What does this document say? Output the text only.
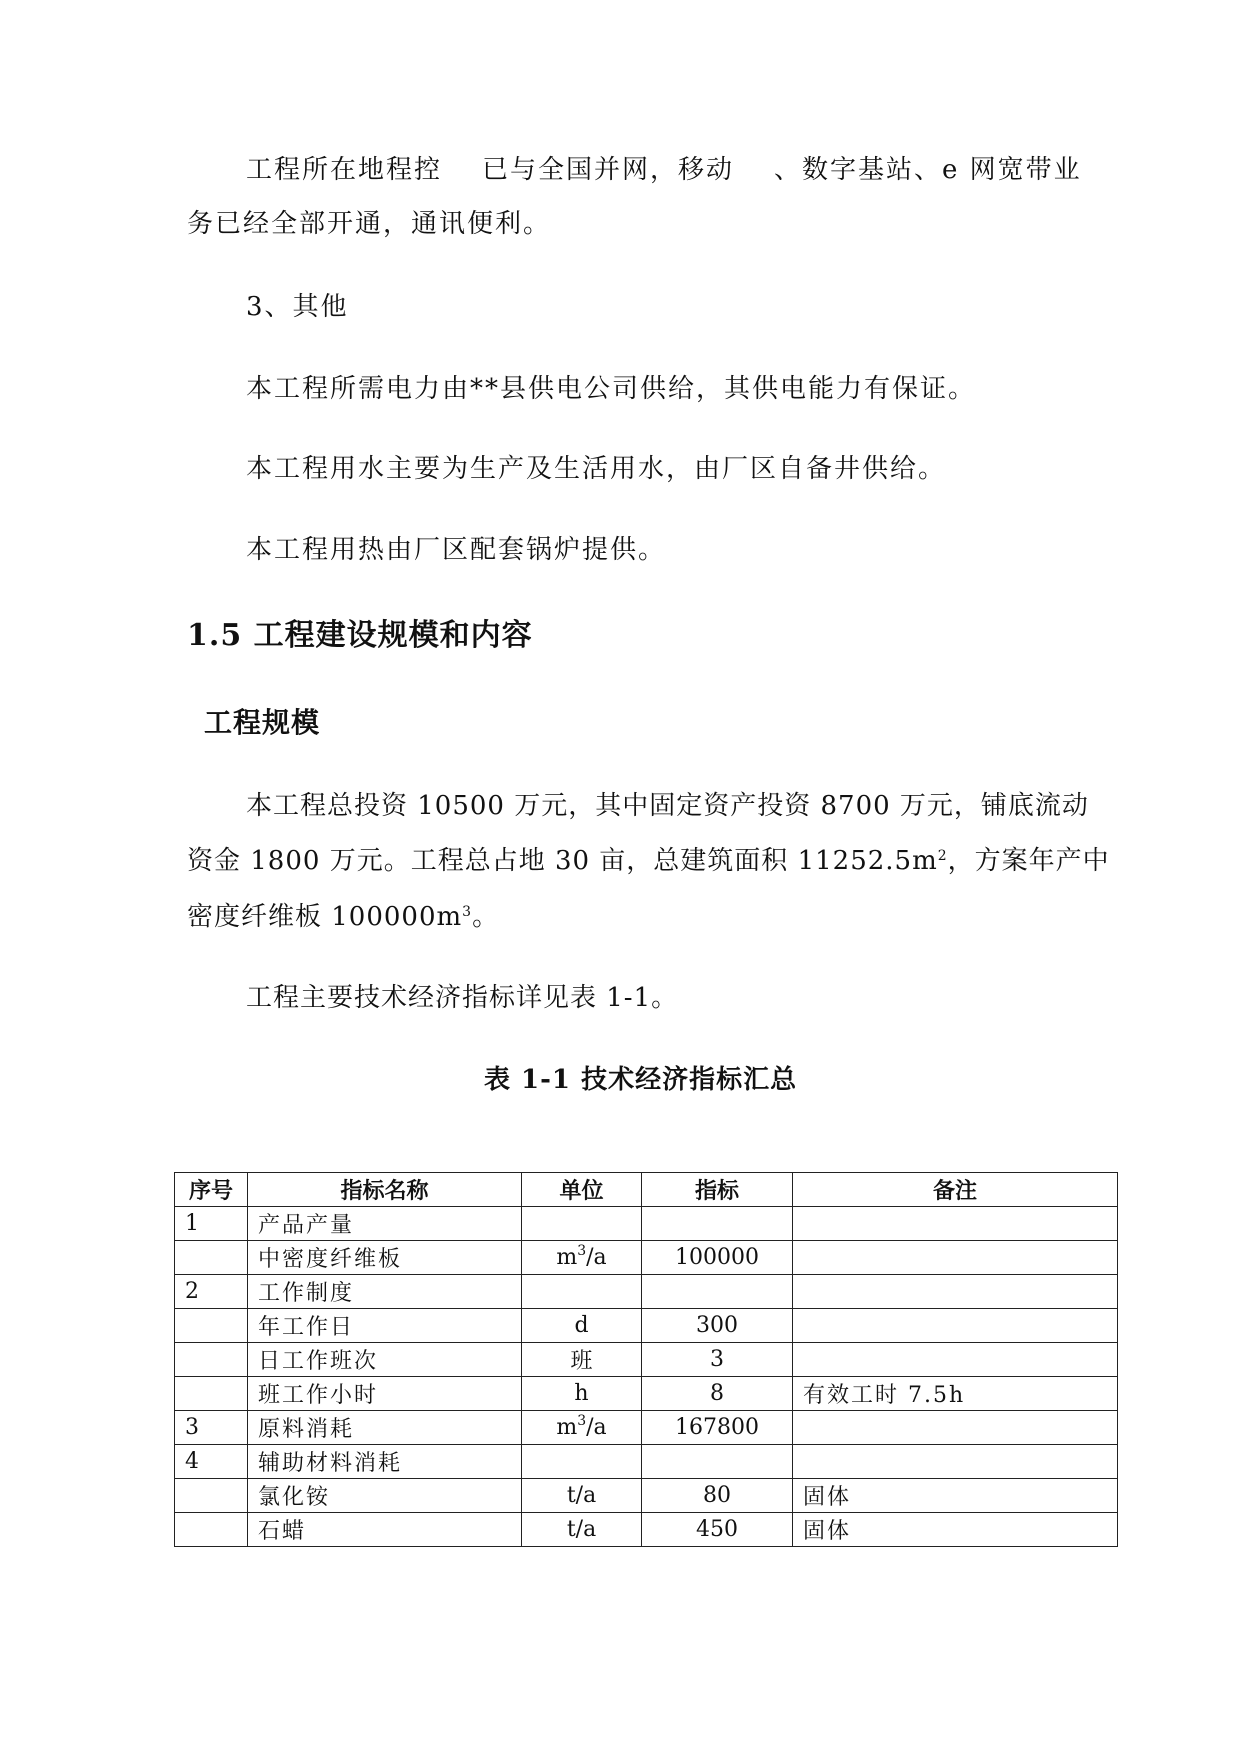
工程所在地程控 已与全国并网，移动 、数字基站、e 网宽带业
务已经全部开通，通讯便利。
3、其他
本工程所需电力由**县供电公司供给，其供电能力有保证。
本工程用水主要为生产及生活用水，由厂区自备井供给。
本工程用热由厂区配套锅炉提供。
1.5 工程建设规模和内容
工程规模
本工程总投资 10500 万元，其中固定资产投资 8700 万元，铺底流动
资金 1800 万元。工程总占地 30 亩，总建筑面积 $11252.5m^2$，方案年产中
密度纤维板 $100000m^3$。
工程主要技术经济指标详见表 1-1。
表 1-1 技术经济指标汇总
序号	指标名称	单位	指标	备注
1	产品产量			
	中密度纤维板	$m^3/a$	100000	
2	工作制度			
	年工作日	d	300	
	日工作班次	班	3	
	班工作小时	h	8	有效工时 7.5h
3	原料消耗	$m^3/a$	167800	
4	辅助材料消耗			
	氯化铵	t/a	80	固体
	石蜡	t/a	450	固体
